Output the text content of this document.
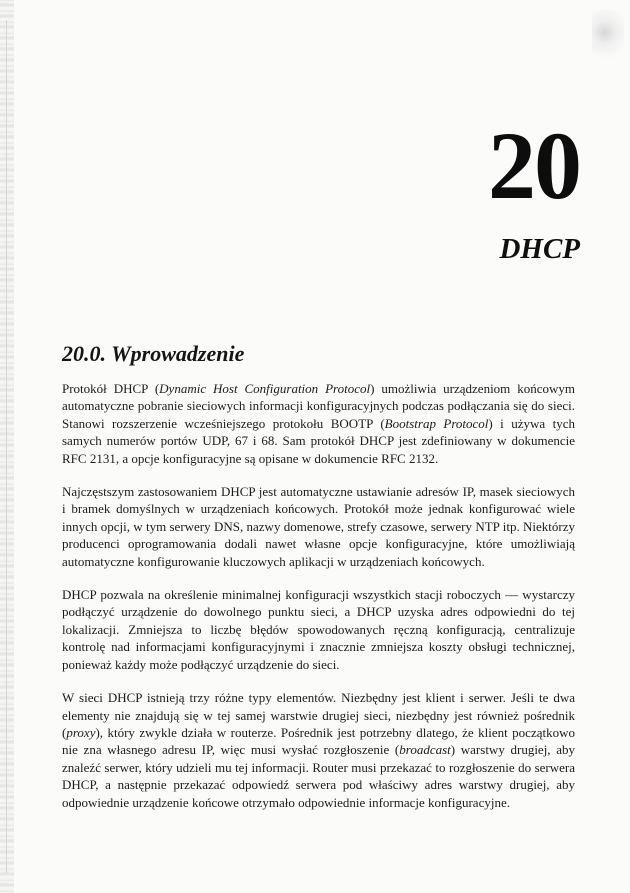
20
DHCP
20.0. Wprowadzenie

Protokół DHCP (Dynamic Host Configuration Protocol) umożliwia urządzeniom końcowym automatyczne pobranie sieciowych informacji konfiguracyjnych podczas podłączania się do sieci. Stanowi rozszerzenie wcześniejszego protokołu BOOTP (Bootstrap Protocol) i używa tych samych numerów portów UDP, 67 i 68. Sam protokół DHCP jest zdefiniowany w dokumencie RFC 2131, a opcje konfiguracyjne są opisane w dokumencie RFC 2132.

Najczęstszym zastosowaniem DHCP jest automatyczne ustawianie adresów IP, masek sieciowych i bramek domyślnych w urządzeniach końcowych. Protokół może jednak konfigurować wiele innych opcji, w tym serwery DNS, nazwy domenowe, strefy czasowe, serwery NTP itp. Niektórzy producenci oprogramowania dodali nawet własne opcje konfiguracyjne, które umożliwiają automatyczne konfigurowanie kluczowych aplikacji w urządzeniach końcowych.

DHCP pozwala na określenie minimalnej konfiguracji wszystkich stacji roboczych — wystarczy podłączyć urządzenie do dowolnego punktu sieci, a DHCP uzyska adres odpowiedni do tej lokalizacji. Zmniejsza to liczbę błędów spowodowanych ręczną konfiguracją, centralizuje kontrolę nad informacjami konfiguracyjnymi i znacznie zmniejsza koszty obsługi technicznej, ponieważ każdy może podłączyć urządzenie do sieci.

W sieci DHCP istnieją trzy różne typy elementów. Niezbędny jest klient i serwer. Jeśli te dwa elementy nie znajdują się w tej samej warstwie drugiej sieci, niezbędny jest również pośrednik (proxy), który zwykle działa w routerze. Pośrednik jest potrzebny dlatego, że klient początkowo nie zna własnego adresu IP, więc musi wysłać rozgłoszenie (broadcast) warstwy drugiej, aby znaleźć serwer, który udzieli mu tej informacji. Router musi przekazać to rozgłoszenie do serwera DHCP, a następnie przekazać odpowiedź serwera pod właściwy adres warstwy drugiej, aby odpowiednie urządzenie końcowe otrzymało odpowiednie informacje konfiguracyjne.
